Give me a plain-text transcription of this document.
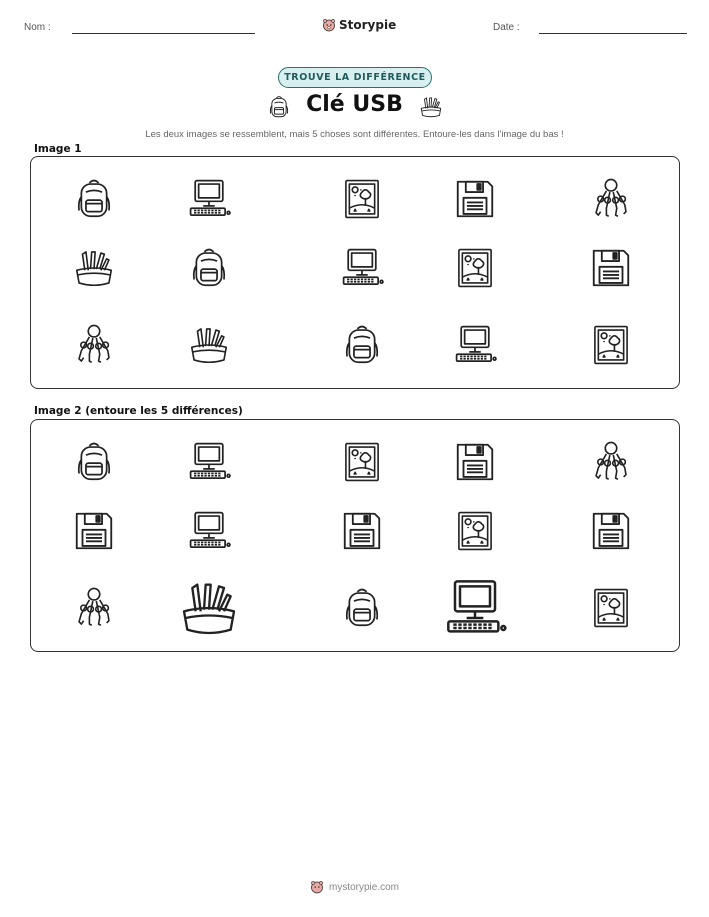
Nom :	Storypie	Date :
TROUVE LA DIFFÉRENCE
Clé USB
Les deux images se ressemblent, mais 5 choses sont différentes. Entoure-les dans l'image du bas !
Image 1
Image 2 (entoure les 5 différences)
mystorypie.com
